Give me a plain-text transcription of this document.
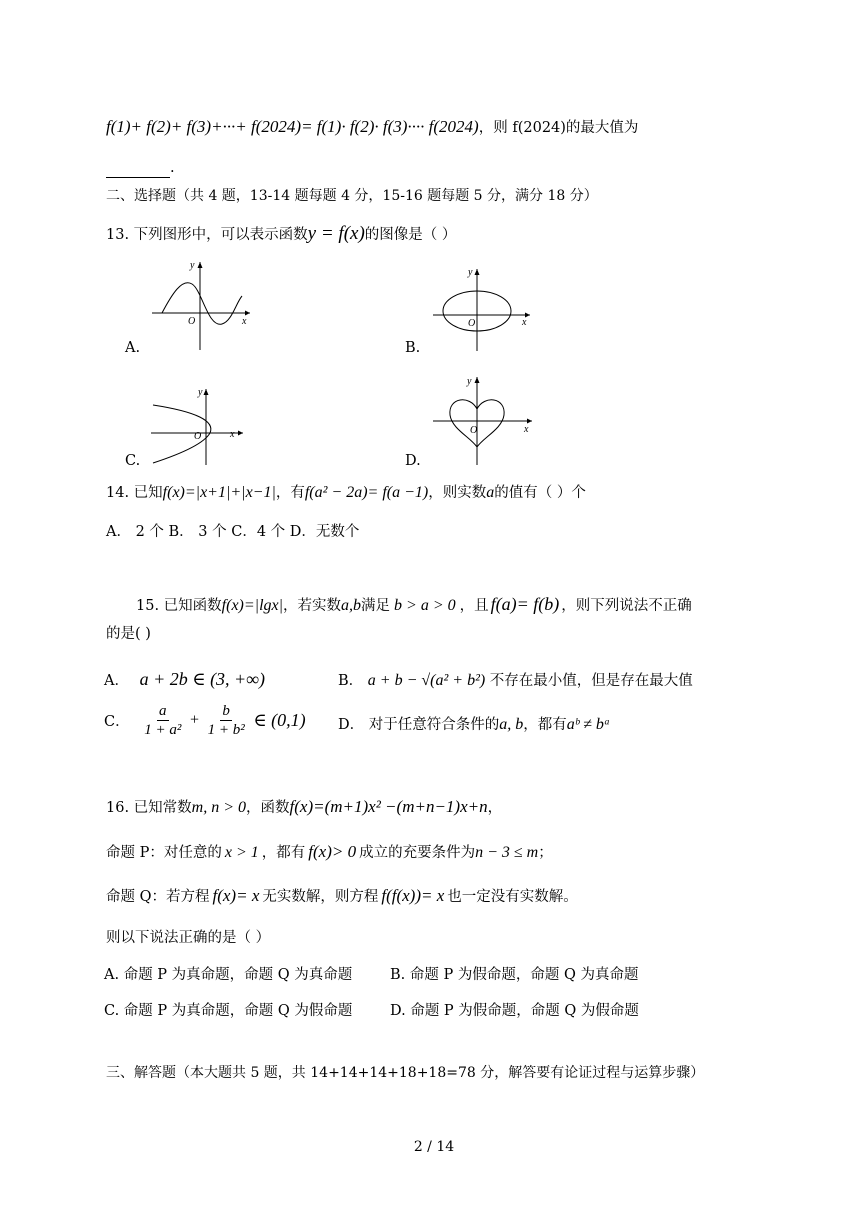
f(1)+ f(2)+ f(3)+···+ f(2024)= f(1)· f(2)· f(3)···· f(2024)，则 f(2024)的最大值为
.
二、选择题（共 4 题，13-14 题每题 4 分，15-16 题每题 5 分，满分 18 分）
13. 下列图形中，可以表示函数y = f(x)的图像是（ ）
y
x
O
A.
y
x
O
B.
y
x
O
C.
y
x
O
D.
14. 已知f(x)=|x+1|+|x−1|，有f(a² − 2a)= f(a −1)，则实数a的值有（ ）个
A． 2 个 B． 3 个 C．4 个 D．无数个
15. 已知函数f(x)=|lgx|，若实数a,b满足 b > a > 0 ，且 f(a)= f(b) ，则下列说法不正确
的是( )
A． a + 2b ∈ (3, +∞)	B． a + b − √(a² + b²) 不存在最小值，但是存在最大值
C． $\frac{a}{\text{1 + a²}} + \frac{b}{\text{1 + b²}}$ ∈ (0,1) D． 对于任意符合条件的a, b，都有aᵇ ≠ bᵃ
16. 已知常数m, n > 0，函数f(x)=(m+1)x² −(m+n−1)x+n，
命题 P：对任意的 x > 1 ，都有 f(x)> 0 成立的充要条件为n − 3 ≤ m；
命题 Q：若方程 f(x)= x 无实数解，则方程 f(f(x))= x 也一定没有实数解。
则以下说法正确的是（ ）
A. 命题 P 为真命题，命题 Q 为真命题	B. 命题 P 为假命题，命题 Q 为真命题
C. 命题 P 为真命题，命题 Q 为假命题	D. 命题 P 为假命题，命题 Q 为假命题
三、解答题（本大题共 5 题，共 14+14+14+18+18=78 分，解答要有论证过程与运算步骤）
2 / 14
